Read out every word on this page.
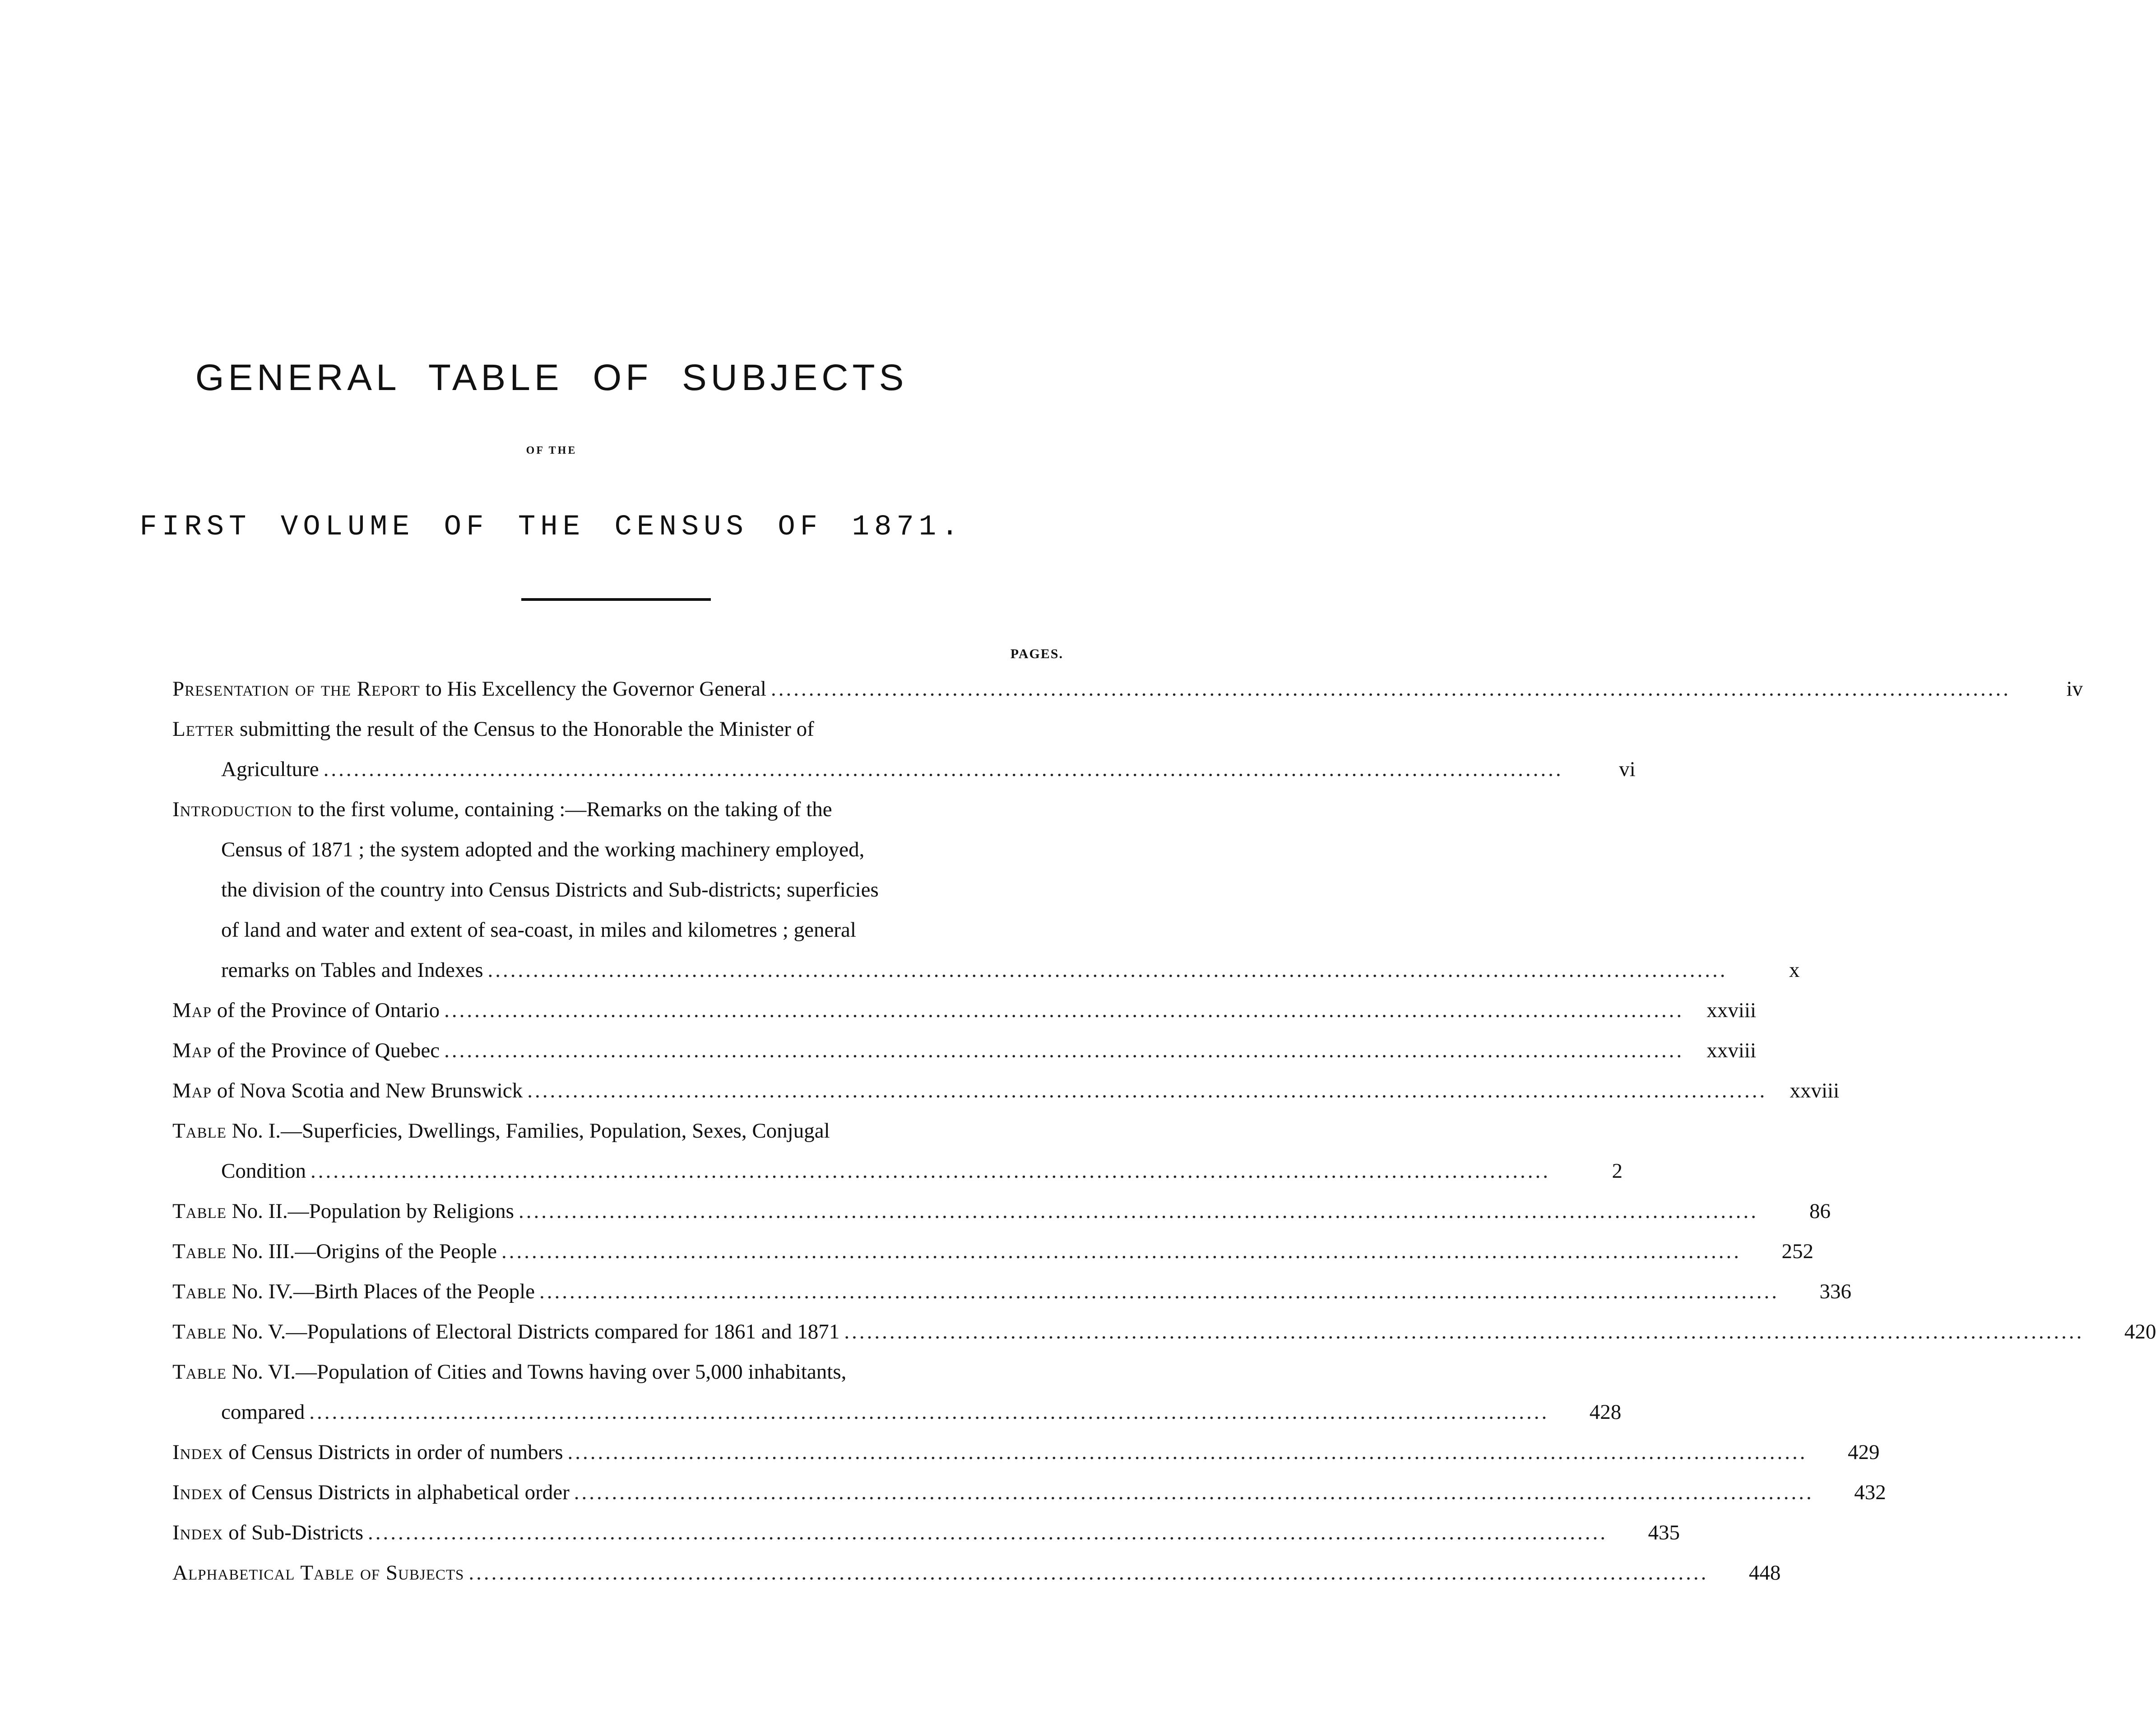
GENERAL TABLE OF SUBJECTS
OF THE
FIRST VOLUME OF THE CENSUS OF 1871.
PAGES.
Presentation of the Report to His Excellency the Governor General ....................................................................................................................................................................	iv
Letter submitting the result of the Census to the Honorable the Minister of
Agriculture ....................................................................................................................................................................	vi
Introduction to the first volume, containing :—Remarks on the taking of the
Census of 1871 ; the system adopted and the working machinery employed,
the division of the country into Census Districts and Sub-districts; superficies
of land and water and extent of sea-coast, in miles and kilometres ; general
remarks on Tables and Indexes ....................................................................................................................................................................	x
Map of the Province of Ontario ....................................................................................................................................................................	xxviii
Map of the Province of Quebec ....................................................................................................................................................................	xxviii
Map of Nova Scotia and New Brunswick ....................................................................................................................................................................	xxviii
Table No. I.—Superficies, Dwellings, Families, Population, Sexes, Conjugal
Condition ....................................................................................................................................................................	2
Table No. II.—Population by Religions ....................................................................................................................................................................	86
Table No. III.—Origins of the People ....................................................................................................................................................................	252
Table No. IV.—Birth Places of the People ....................................................................................................................................................................	336
Table No. V.—Populations of Electoral Districts compared for 1861 and 1871 ....................................................................................................................................................................	420
Table No. VI.—Population of Cities and Towns having over 5,000 inhabitants,
compared ....................................................................................................................................................................	428
Index of Census Districts in order of numbers ....................................................................................................................................................................	429
Index of Census Districts in alphabetical order ....................................................................................................................................................................	432
Index of Sub-Districts ....................................................................................................................................................................	435
Alphabetical Table of Subjects ....................................................................................................................................................................	448
